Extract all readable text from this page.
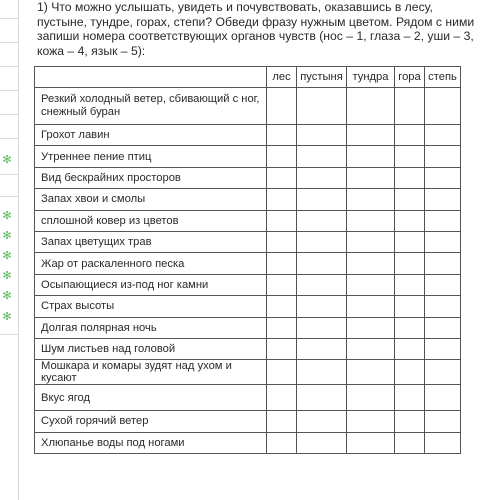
✻
✻
✻
✻
✻
✻
✻
1) Что можно услышать, увидеть и почувствовать, оказавшись в лесу, пустыне, тундре, горах, степи? Обведи фразу нужным цветом. Рядом с ними запиши номера соответствующих органов чувств (нос – 1, глаза – 2, уши – 3, кожа – 4, язык – 5):
	лес	пустыня	тундра	гора	степь
Резкий холодный ветер, сбивающий с ног, снежный буран					
Грохот лавин					
Утреннее пение птиц					
Вид бескрайних просторов					
Запах хвои и смолы					
сплошной ковер из цветов					
Запах цветущих трав					
Жар от раскаленного песка					
Осыпающиеся из-под ног камни					
Страх высоты					
Долгая полярная ночь					
Шум листьев над головой					
Мошкара и комары зудят над ухом и кусают					
Вкус ягод					
Сухой горячий ветер					
Хлюпанье воды под ногами					
